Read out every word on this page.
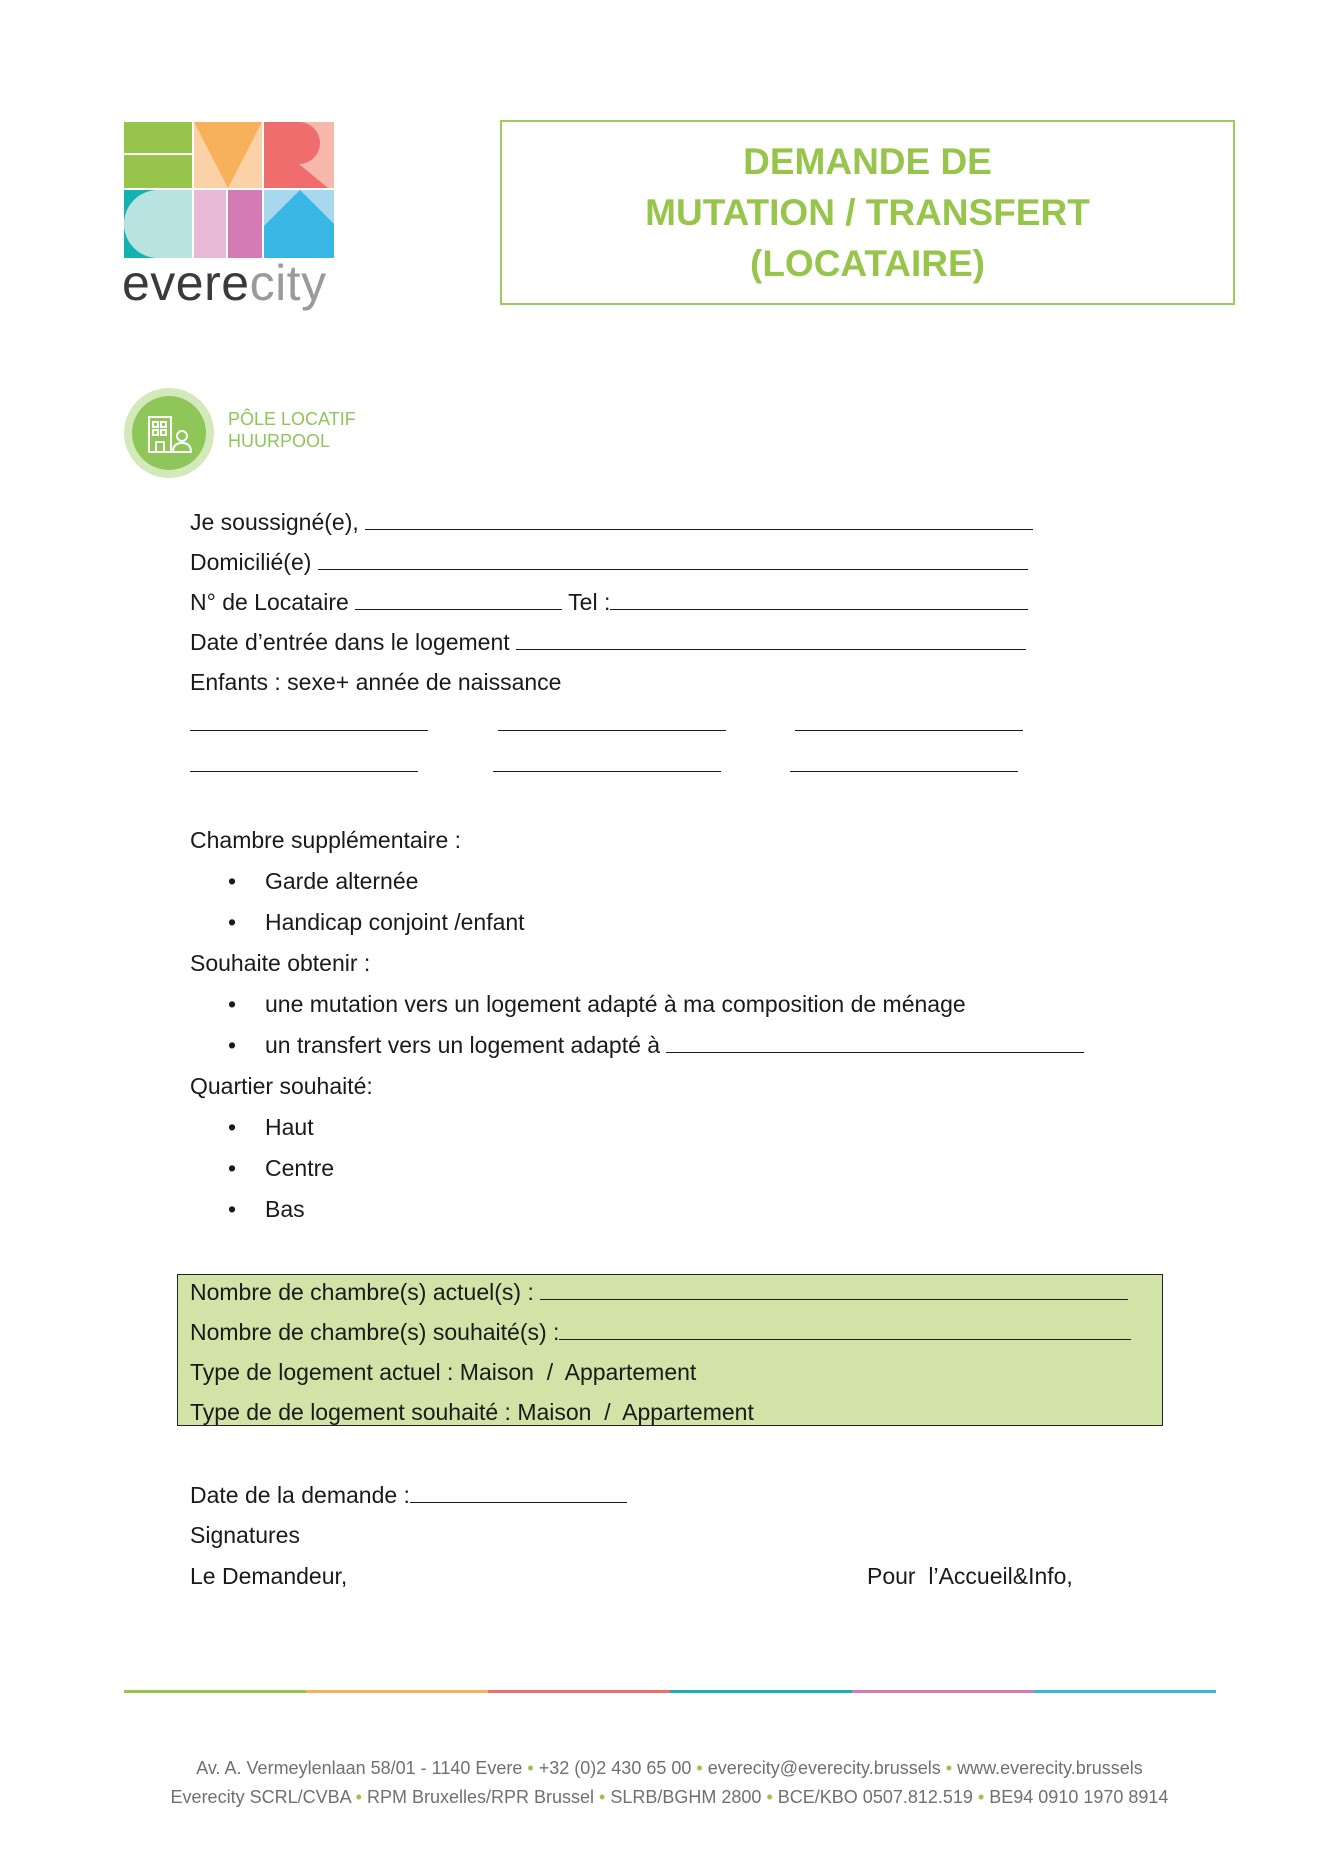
everecity
DEMANDE DE
MUTATION / TRANSFERT
(LOCATAIRE)
PÔLE LOCATIF
HUURPOOL
Je soussigné(e),
Domicilié(e)
N° de Locataire	Tel :
Date d’entrée dans le logement
Enfants : sexe+ année de naissance
Chambre supplémentaire :
• Garde alternée
• Handicap conjoint /enfant
Souhaite obtenir :
• une mutation vers un logement adapté à ma composition de ménage
• un transfert vers un logement adapté à
Quartier souhaité:
• Haut
• Centre
• Bas
Nombre de chambre(s) actuel(s) :
Nombre de chambre(s) souhaité(s) :
Type de logement actuel : Maison  /  Appartement
Type de de logement souhaité : Maison  /  Appartement
Date de la demande :
Signatures
Le Demandeur,	Pour  l’Accueil&Info,
Av. A. Vermeylenlaan 58/01 - 1140 Evere • +32 (0)2 430 65 00 • everecity@everecity.brussels • www.everecity.brussels
Everecity SCRL/CVBA • RPM Bruxelles/RPR Brussel • SLRB/BGHM 2800 • BCE/KBO 0507.812.519 • BE94 0910 1970 8914
